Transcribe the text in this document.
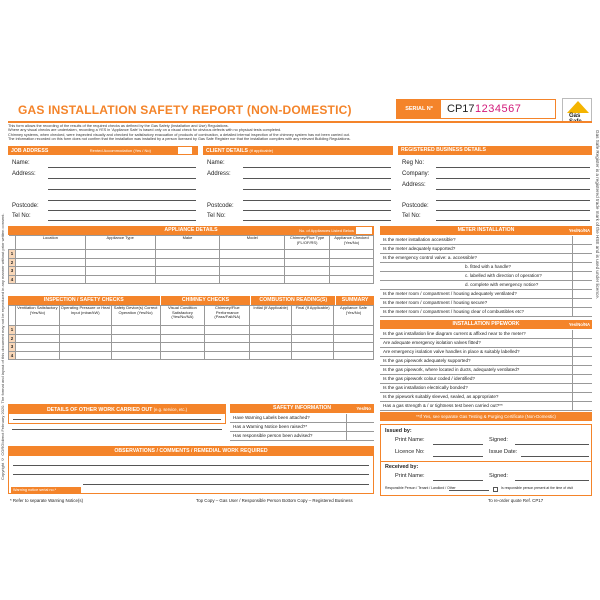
Copyright © CORGIdirect February 2020. The format and layout of this document may not be reproduced in any manner without prior written consent.	Gas Safe Register is a registered trade mark of the HSE and is used under licence.
GAS INSTALLATION SAFETY REPORT (NON-DOMESTIC)	SERIAL Nº	CP17 1234567
Gas
This form allows the recording of the results of the required checks as defined by the Gas Safety (Installation and Use) Regulations.
Where any visual checks are undertaken, recording a YES in 'Appliance Safe' is based only on a visual check for obvious defects with no physical tests completed.
Chimney systems, when checked, were inspected visually and checked for satisfactory evacuation of products of combustion, a detailed internal inspection of the chimney system has not been carried out.
The information recorded on this form does not confirm that the installation was installed by a person licensed by Gas Safe Register nor that the installation complies with any relevant Building Regulations.
JOB ADDRESS	Rented Accommodation (Yes / No)
Name:
Address:
Postcode:
Tel No:
CLIENT DETAILS (if applicable)
Name:
Address:
Postcode:
Tel No:
REGISTERED BUSINESS DETAILS
Reg No:
Company:
Address:
Postcode:
Tel No:
APPLIANCE DETAILS	No. of Appliances Listed Below
	Location	Appliance Type	Make	Model	Chimney/Flue Type (FL/OF/RS)	Appliance Checked (Yes/No)
1						
2						
3						
4						
INSPECTION / SAFETY CHECKS	CHIMNEY CHECKS	COMBUSTION READING(S)	SUMMARY
	Ventilation Satisfactory (Yes/No)	Operating Pressure or Heat Input (mbar/kW)	Safety Device(s) Correct Operation (Yes/No)	Visual Condition Satisfactory (Yes/No/NA)	Chimney/Flue Performance (Pass/Fail/NA)	Initial (If Applicable)	Final (If Applicable)	Appliance Safe (Yes/No)
1								
2								
3								
4								
METER INSTALLATION	Yes/No/NA
Is the meter installation accessible?
Is the meter adequately supported?
Is the emergency control valve: a. accessible?
b. fitted with a handle?
c. labelled with direction of operation?
d. complete with emergency notice?
Is the meter room / compartment / housing adequately ventilated?
Is the meter room / compartment / housing secure?
Is the meter room / compartment / housing clear of combustibles etc?
INSTALLATION PIPEWORK	Yes/No/NA
Is the gas installation line diagram current & affixed near to the meter?
Are adequate emergency isolation valves fitted?
Are emergency isolation valve handles in place & suitably labelled?
Is the gas pipework adequately supported?
Is the gas pipework, where located in ducts, adequately ventilated?
Is the gas pipework colour coded / identified?
Is the gas installation electrically bonded?
Is the pipework suitably sleeved, sealed, as appropriate?
Has a gas strength & / or tightness test been carried out?**
**If Yes, see separate Gas Testing & Purging Certificate (Non-Domestic)
DETAILS OF OTHER WORK CARRIED OUT (e.g. service, etc.)	SAFETY INFORMATION	Yes/No
Have Warning Labels been attached?
Has a Warning Notice been raised?*
Has responsible person been advised?
OBSERVATIONS / COMMENTS / REMEDIAL WORK REQUIRED
Warning notice serial no.*
Issued by:
Print Name:	Signed:
Licence No:	Issue Date:
Received by:
Print Name:	Signed:
Responsible Person / Tenant / Landlord / Other	Is responsible person present at the time of visit
* Refer to separate Warning Notice(s)	Top Copy – Gas User / Responsible Person Bottom Copy – Registered Business	To re-order quote Ref. CP17
